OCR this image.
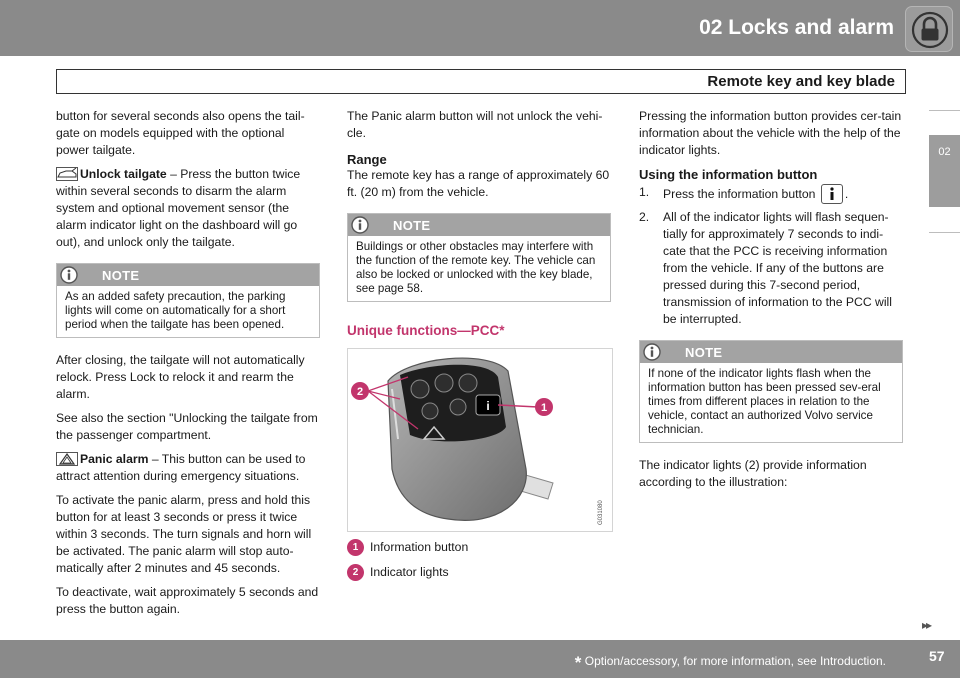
02 Locks and alarm
Remote key and key blade
02

button for several seconds also opens the tail-gate on models equipped with the optional power tailgate.

Unlock tailgate – Press the button twice within several seconds to disarm the alarm system and optional movement sensor (the alarm indicator light on the dashboard will go out), and unlock only the tailgate.

NOTE
As an added safety precaution, the parking lights will come on automatically for a short period when the tailgate has been opened.

After closing, the tailgate will not automatically relock. Press Lock to relock it and rearm the alarm.

See also the section "Unlocking the tailgate from the passenger compartment.

Panic alarm – This button can be used to attract attention during emergency situations.

To activate the panic alarm, press and hold this button for at least 3 seconds or press it twice within 3 seconds. The turn signals and horn will be activated. The panic alarm will stop auto-matically after 2 minutes and 45 seconds.

To deactivate, wait approximately 5 seconds and press the button again.

The Panic alarm button will not unlock the vehi-cle.

Range

The remote key has a range of approximately 60 ft. (20 m) from the vehicle.

NOTE
Buildings or other obstacles may interfere with the function of the remote key. The vehicle can also be locked or unlocked with the key blade, see page 58.
Unique functions—PCC*
i	1
2
G031080
1 Information button
2 Indicator lights

Pressing the information button provides cer-tain information about the vehicle with the help of the indicator lights.

Using the information button
1.	Press the information button .
2.	All of the indicator lights will flash sequen-tially for approximately 7 seconds to indi-cate that the PCC is receiving information from the vehicle. If any of the buttons are pressed during this 7-second period, transmission of information to the PCC will be interrupted.
NOTE
If none of the indicator lights flash when the information button has been pressed sev-eral times from different places in relation to the vehicle, contact an authorized Volvo service technician.

The indicator lights (2) provide information according to the illustration:

▸▸
* Option/accessory, for more information, see Introduction.	57
